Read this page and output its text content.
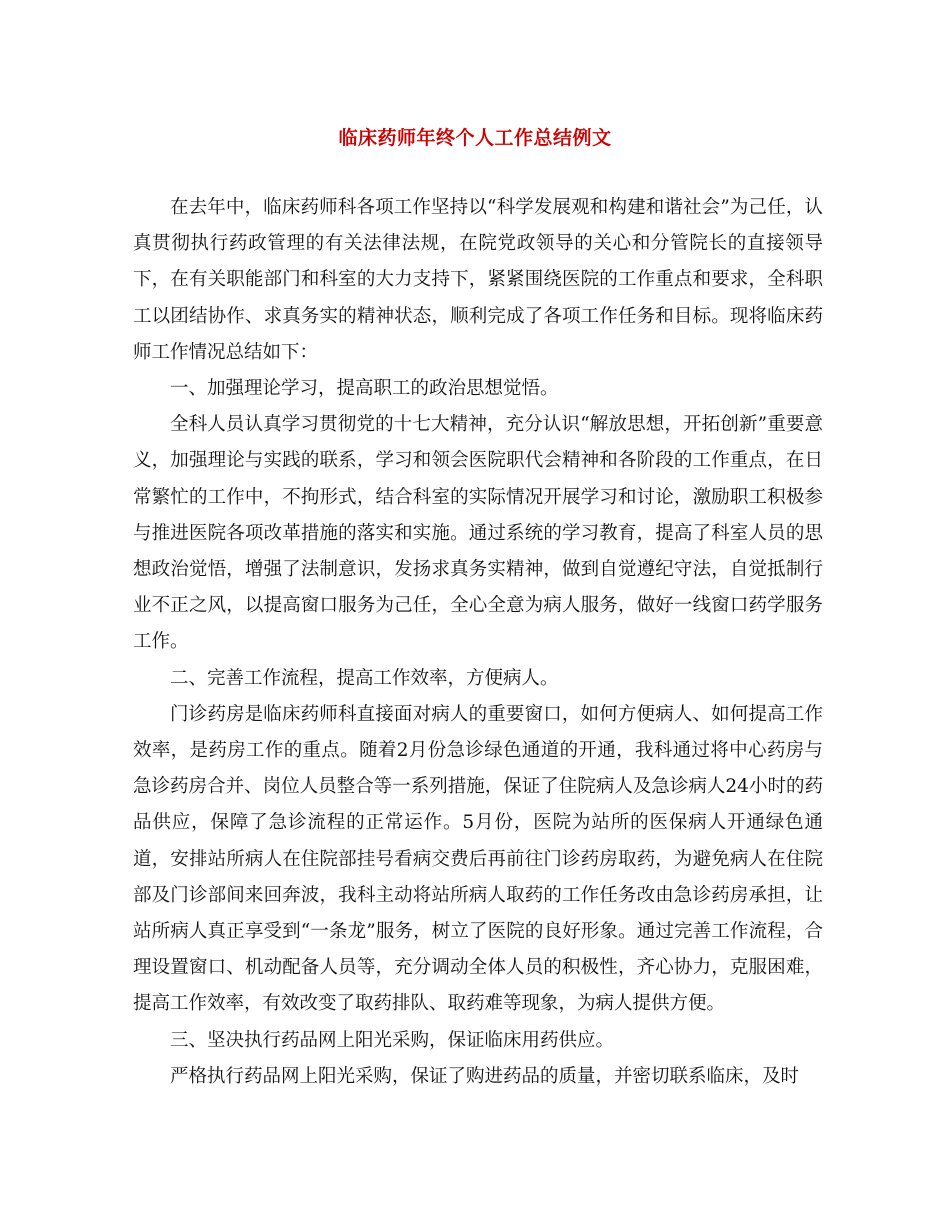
临床药师年终个人工作总结例文

在去年中，临床药师科各项工作坚持以“科学发展观和构建和谐社会”为己任，认真贯彻执行药政管理的有关法律法规，在院党政领导的关心和分管院长的直接领导下，在有关职能部门和科室的大力支持下，紧紧围绕医院的工作重点和要求，全科职工以团结协作、求真务实的精神状态，顺利完成了各项工作任务和目标。现将临床药师工作情况总结如下：

一、加强理论学习，提高职工的政治思想觉悟。

全科人员认真学习贯彻党的十七大精神，充分认识“解放思想，开拓创新”重要意义，加强理论与实践的联系，学习和领会医院职代会精神和各阶段的工作重点，在日常繁忙的工作中，不拘形式，结合科室的实际情况开展学习和讨论，激励职工积极参与推进医院各项改革措施的落实和实施。通过系统的学习教育，提高了科室人员的思想政治觉悟，增强了法制意识，发扬求真务实精神，做到自觉遵纪守法，自觉抵制行业不正之风，以提高窗口服务为己任，全心全意为病人服务，做好一线窗口药学服务工作。

二、完善工作流程，提高工作效率，方便病人。

门诊药房是临床药师科直接面对病人的重要窗口，如何方便病人、如何提高工作效率，是药房工作的重点。随着2月份急诊绿色通道的开通，我科通过将中心药房与急诊药房合并、岗位人员整合等一系列措施，保证了住院病人及急诊病人24小时的药品供应，保障了急诊流程的正常运作。5月份，医院为站所的医保病人开通绿色通道，安排站所病人在住院部挂号看病交费后再前往门诊药房取药，为避免病人在住院部及门诊部间来回奔波，我科主动将站所病人取药的工作任务改由急诊药房承担，让站所病人真正享受到“一条龙”服务，树立了医院的良好形象。通过完善工作流程，合理设置窗口、机动配备人员等，充分调动全体人员的积极性，齐心协力，克服困难，提高工作效率，有效改变了取药排队、取药难等现象，为病人提供方便。

三、坚决执行药品网上阳光采购，保证临床用药供应。

严格执行药品网上阳光采购，保证了购进药品的质量，并密切联系临床，及时
